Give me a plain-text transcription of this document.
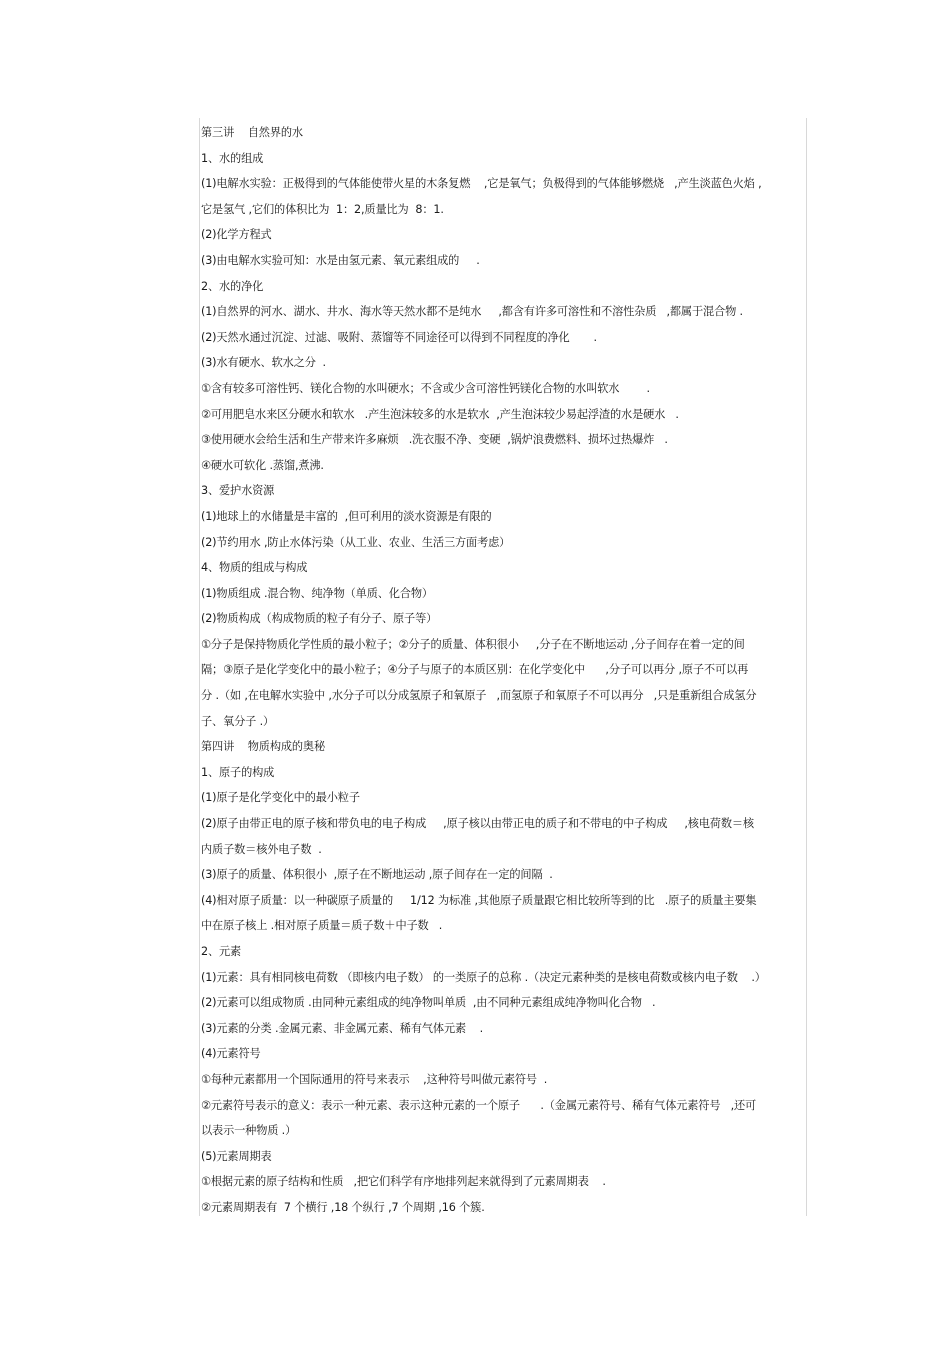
第三讲    自然界的水
1、水的组成
(1)电解水实验：正极得到的气体能使带火星的木条复燃    ,它是氧气；负极得到的气体能够燃烧   ,产生淡蓝色火焰 ,
它是氢气 ,它们的体积比为  1：2,质量比为  8：1.
(2)化学方程式
(3)由电解水实验可知：水是由氢元素、氧元素组成的     .
2、水的净化
(1)自然界的河水、湖水、井水、海水等天然水都不是纯水     ,都含有许多可溶性和不溶性杂质   ,都属于混合物 .
(2)天然水通过沉淀、过滤、吸附、蒸馏等不同途径可以得到不同程度的净化       .
(3)水有硬水、软水之分  .
①含有较多可溶性钙、镁化合物的水叫硬水；不含或少含可溶性钙镁化合物的水叫软水        .
②可用肥皂水来区分硬水和软水   .产生泡沫较多的水是软水  ,产生泡沫较少易起浮渣的水是硬水   .
③使用硬水会给生活和生产带来许多麻烦   .洗衣服不净、变硬  ,锅炉浪费燃料、损坏过热爆炸   .
④硬水可软化 .蒸馏,煮沸.
3、爱护水资源
(1)地球上的水储量是丰富的  ,但可利用的淡水资源是有限的
(2)节约用水 ,防止水体污染（从工业、农业、生活三方面考虑）
4、物质的组成与构成
(1)物质组成 .混合物、纯净物（单质、化合物）
(2)物质构成（构成物质的粒子有分子、原子等）
①分子是保持物质化学性质的最小粒子；②分子的质量、体积很小     ,分子在不断地运动 ,分子间存在着一定的间
隔；③原子是化学变化中的最小粒子；④分子与原子的本质区别：在化学变化中      ,分子可以再分 ,原子不可以再
分 .（如 ,在电解水实验中 ,水分子可以分成氢原子和氧原子   ,而氢原子和氧原子不可以再分   ,只是重新组合成氢分
子、氧分子 .）
第四讲    物质构成的奥秘
1、原子的构成
(1)原子是化学变化中的最小粒子
(2)原子由带正电的原子核和带负电的电子构成     ,原子核以由带正电的质子和不带电的中子构成     ,核电荷数＝核
内质子数＝核外电子数  .
(3)原子的质量、体积很小  ,原子在不断地运动 ,原子间存在一定的间隔  .
(4)相对原子质量：以一种碳原子质量的     1/12 为标准 ,其他原子质量跟它相比较所等到的比   .原子的质量主要集
中在原子核上 .相对原子质量＝质子数＋中子数   .
2、元素
(1)元素：具有相同核电荷数 （即核内电子数） 的一类原子的总称 .（决定元素种类的是核电荷数或核内电子数    .）
(2)元素可以组成物质 .由同种元素组成的纯净物叫单质  ,由不同种元素组成纯净物叫化合物   .
(3)元素的分类 .金属元素、非金属元素、稀有气体元素    .
(4)元素符号
①每种元素都用一个国际通用的符号来表示    ,这种符号叫做元素符号  .
②元素符号表示的意义：表示一种元素、表示这种元素的一个原子      .（金属元素符号、稀有气体元素符号   ,还可
以表示一种物质 .）
(5)元素周期表
①根据元素的原子结构和性质   ,把它们科学有序地排列起来就得到了元素周期表    .
②元素周期表有  7 个横行 ,18 个纵行 ,7 个周期 ,16 个簇.
